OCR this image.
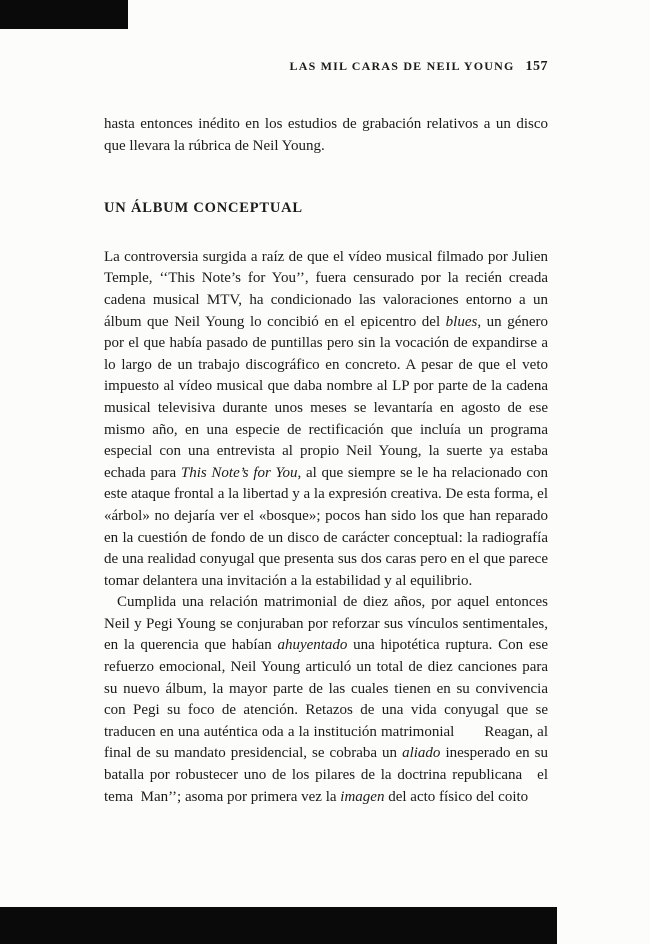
LAS MIL CARAS DE NEIL YOUNG 157

hasta entonces inédito en los estudios de grabación relativos a un disco que llevara la rúbrica de Neil Young.

UN ÁLBUM CONCEPTUAL

La controversia surgida a raíz de que el vídeo musical filmado por Julien Temple, ‘‘This Note’s for You’’, fuera censurado por la recién creada cadena musical MTV, ha condicionado las valoraciones entorno a un álbum que Neil Young lo concibió en el epicentro del blues, un género por el que había pasado de puntillas pero sin la vocación de expandirse a lo largo de un trabajo discográfico en concreto. A pesar de que el veto impuesto al vídeo musical que daba nombre al LP por parte de la cadena musical televisiva durante unos meses se levantaría en agosto de ese mismo año, en una especie de rectificación que incluía un programa especial con una entrevista al propio Neil Young, la suerte ya estaba echada para This Note’s for You, al que siempre se le ha relacionado con este ataque frontal a la libertad y a la expresión creativa. De esta forma, el «árbol» no dejaría ver el «bosque»; pocos han sido los que han reparado en la cuestión de fondo de un disco de carácter conceptual: la radiografía de una realidad conyugal que presenta sus dos caras pero en el que parece tomar delantera una invitación a la estabilidad y al equilibrio.

Cumplida una relación matrimonial de diez años, por aquel entonces Neil y Pegi Young se conjuraban por reforzar sus vínculos sentimentales, en la querencia que habían ahuyentado una hipotética ruptura. Con ese refuerzo emocional, Neil Young articuló un total de diez canciones para su nuevo álbum, la mayor parte de las cuales tienen en su convivencia con Pegi su foco de atención. Retazos de una vida conyugal que se traducen en una auténtica oda a la institución matrimonial  Reagan, al final de su mandato presidencial, se cobraba un aliado inesperado en su batalla por robustecer uno de los pilares de la doctrina republicana el tema Man’’; asoma por primera vez la imagen del acto físico del coito
